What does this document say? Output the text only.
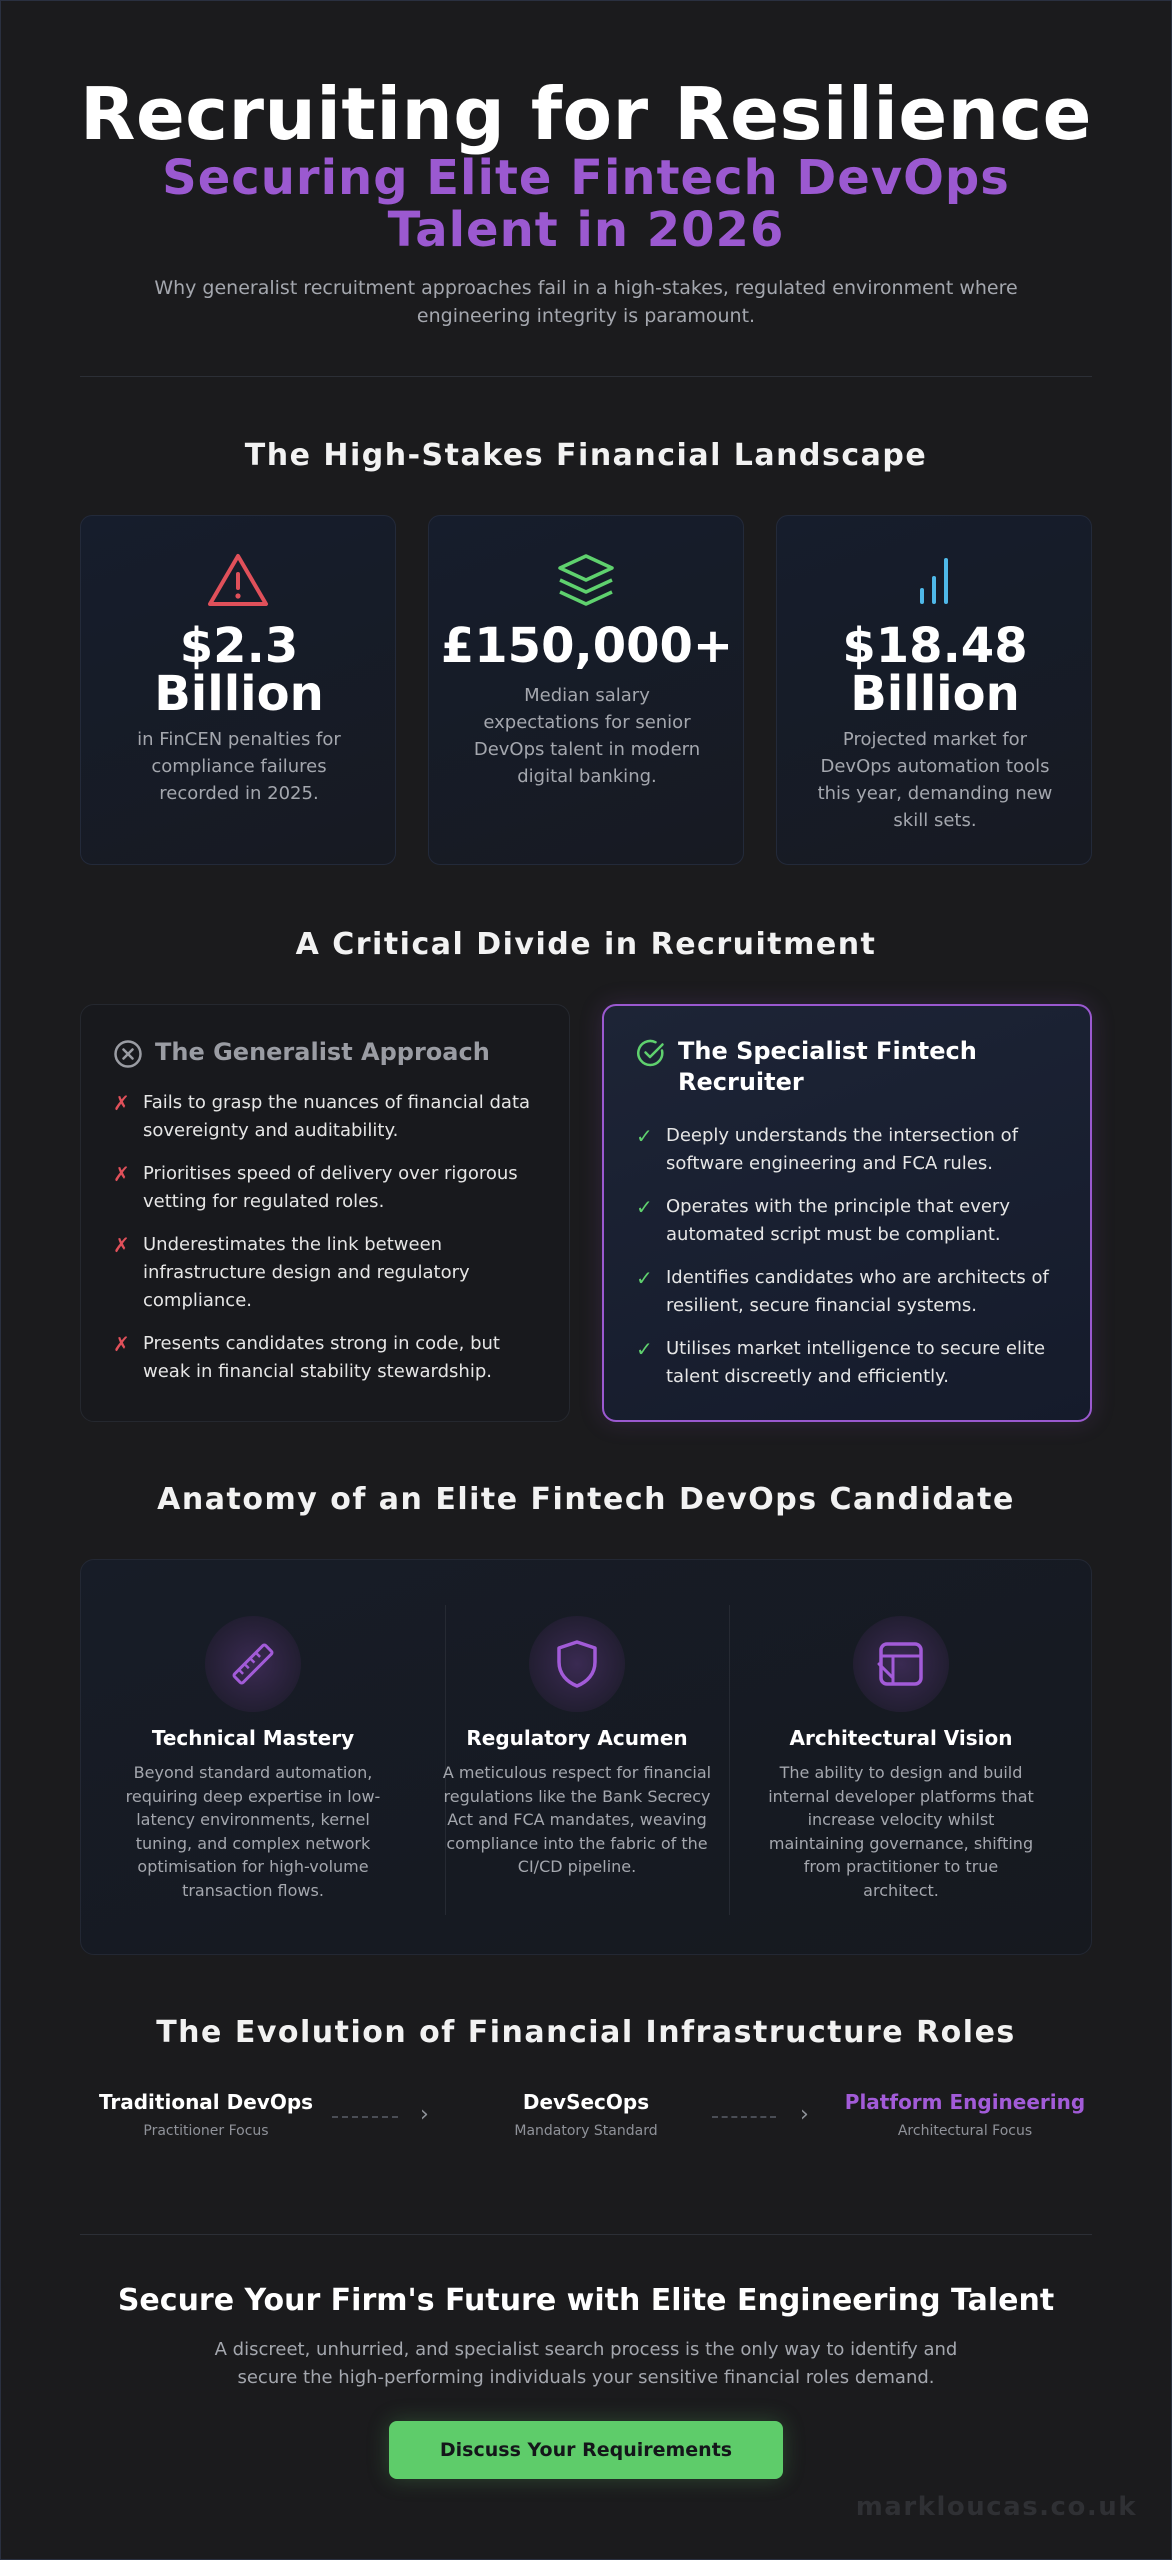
Recruiting for Resilience
Securing Elite Fintech DevOps Talent in 2026

Why generalist recruitment approaches fail in a high-stakes, regulated environment where engineering integrity is paramount.

The High-Stakes Financial Landscape
$2.3 Billion
in FinCEN penalties for compliance failures recorded in 2025.
£150,000+
Median salary expectations for senior DevOps talent in modern digital banking.
$18.48 Billion
Projected market for DevOps automation tools this year, demanding new skill sets.
A Critical Divide in Recruitment
The Generalist Approach
✗ Fails to grasp the nuances of financial data sovereignty and auditability.
✗ Prioritises speed of delivery over rigorous vetting for regulated roles.
✗ Underestimates the link between infrastructure design and regulatory compliance.
✗ Presents candidates strong in code, but weak in financial stability stewardship.
The Specialist Fintech Recruiter
✓ Deeply understands the intersection of software engineering and FCA rules.
✓ Operates with the principle that every automated script must be compliant.
✓ Identifies candidates who are architects of resilient, secure financial systems.
✓ Utilises market intelligence to secure elite talent discreetly and efficiently.
Anatomy of an Elite Fintech DevOps Candidate
Technical Mastery
Beyond standard automation, requiring deep expertise in low-latency environments, kernel tuning, and complex network optimisation for high-volume transaction flows.
Regulatory Acumen
A meticulous respect for financial regulations like the Bank Secrecy Act and FCA mandates, weaving compliance into the fabric of the CI/CD pipeline.
Architectural Vision
The ability to design and build internal developer platforms that increase velocity whilst maintaining governance, shifting from practitioner to true architect.
The Evolution of Financial Infrastructure Roles
Traditional DevOps
Practitioner Focus
›	DevSecOps
Mandatory Standard
›	Platform Engineering
Architectural Focus
Secure Your Firm's Future with Elite Engineering Talent

A discreet, unhurried, and specialist search process is the only way to identify and secure the high-performing individuals your sensitive financial roles demand.

Discuss Your Requirements
markloucas.co.uk
